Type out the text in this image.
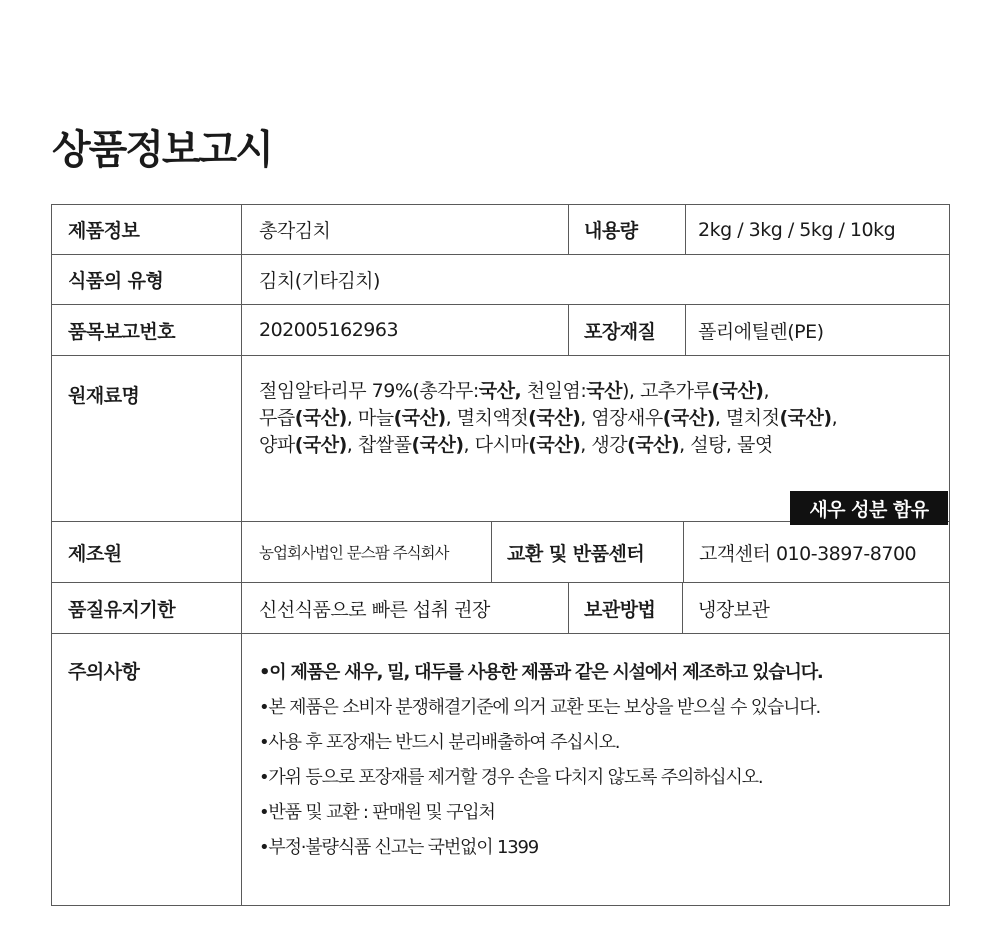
상품정보고시
제품정보	총각김치	내용량	2kg / 3kg / 5kg / 10kg
식품의 유형	김치(기타김치)
품목보고번호	202005162963	포장재질 폴리에틸렌(PE)
원재료명	절임알타리무 79%(총각무:국산, 천일염:국산), 고추가루(국산),
무즙(국산), 마늘(국산), 멸치액젓(국산), 염장새우(국산), 멸치젓(국산),
양파(국산), 찹쌀풀(국산), 다시마(국산), 생강(국산), 설탕, 물엿
새우 성분 함유
제조원	농업회사법인 문스팜 주식회사	교환 및 반품센터	고객센터 010-3897-8700
품질유지기한	신선식품으로 빠른 섭취 권장	보관방법 냉장보관
주의사항	•이 제품은 새우, 밀, 대두를 사용한 제품과 같은 시설에서 제조하고 있습니다.
•본 제품은 소비자 분쟁해결기준에 의거 교환 또는 보상을 받으실 수 있습니다.
•사용 후 포장재는 반드시 분리배출하여 주십시오.
•가위 등으로 포장재를 제거할 경우 손을 다치지 않도록 주의하십시오.
•반품 및 교환 : 판매원 및 구입처
•부정·불량식품 신고는 국번없이 1399
